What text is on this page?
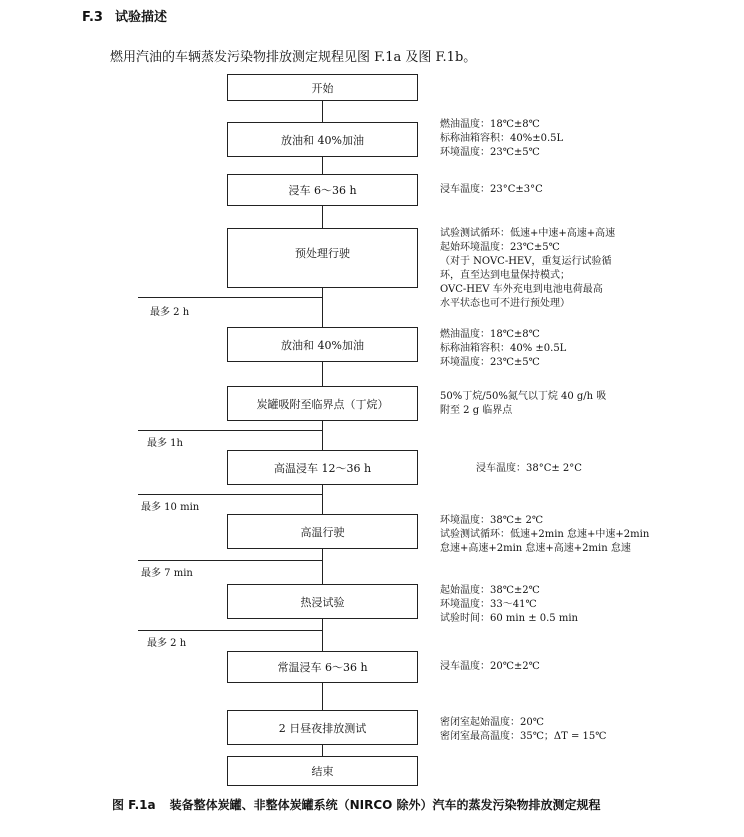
F.3 试验描述
燃用汽油的车辆蒸发污染物排放测定规程见图 F.1a 及图 F.1b。
开始
放油和 40%加油
浸车 6～36 h
预处理行驶
放油和 40%加油
炭罐吸附至临界点（丁烷）
高温浸车 12～36 h
高温行驶
热浸试验
常温浸车 6～36 h
2 日昼夜排放测试
结束
最多 2 h
最多 1h
最多 10 min
最多 7 min
最多 2 h
燃油温度：18℃±8℃
标称油箱容积：40%±0.5L
环境温度：23℃±5℃
浸车温度：23°C±3°C
试验测试循环：低速+中速+高速+高速
起始环境温度：23℃±5℃
（对于 NOVC-HEV，重复运行试验循
环，直至达到电量保持模式；
OVC-HEV 车外充电到电池电荷最高
水平状态也可不进行预处理）
燃油温度：18℃±8℃
标称油箱容积：40% ±0.5L
环境温度：23℃±5℃
50%丁烷/50%氮气以丁烷 40 g/h 吸
附至 2 g 临界点
浸车温度：38°C± 2°C
环境温度：38℃± 2℃
试验测试循环：低速+2min 怠速+中速+2min
怠速+高速+2min 怠速+高速+2min 怠速
起始温度：38℃±2℃
环境温度：33～41℃
试验时间：60 min ± 0.5 min
浸车温度：20℃±2℃
密闭室起始温度：20℃
密闭室最高温度：35℃；ΔT = 15℃
图 F.1a 装备整体炭罐、非整体炭罐系统（NIRCO 除外）汽车的蒸发污染物排放测定规程
